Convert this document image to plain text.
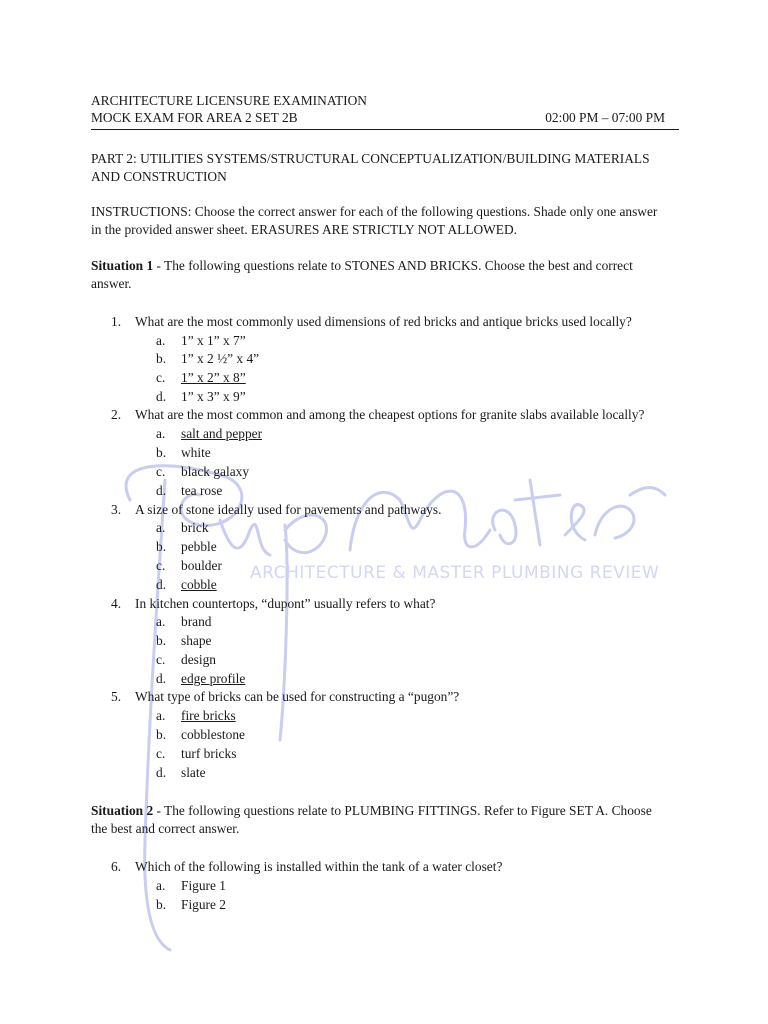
ARCHITECTURE & MASTER PLUMBING REVIEW
ARCHITECTURE LICENSURE EXAMINATION
MOCK EXAM FOR AREA 2 SET 2B	02:00 PM – 07:00 PM
PART 2: UTILITIES SYSTEMS/STRUCTURAL CONCEPTUALIZATION/BUILDING MATERIALS
AND CONSTRUCTION
INSTRUCTIONS: Choose the correct answer for each of the following questions. Shade only one answer
in the provided answer sheet. ERASURES ARE STRICTLY NOT ALLOWED.
Situation 1 - The following questions relate to STONES AND BRICKS. Choose the best and correct
answer.
1.	What are the most commonly used dimensions of red bricks and antique bricks used locally?
a.	1” x 1” x 7”
b.	1” x 2 ½” x 4”
c.	1” x 2” x 8”
d.	1” x 3” x 9”
2.	What are the most common and among the cheapest options for granite slabs available locally?
a.	salt and pepper
b.	white
c.	black galaxy
d.	tea rose
3.	A size of stone ideally used for pavements and pathways.
a.	brick
b.	pebble
c.	boulder
d.	cobble
4.	In kitchen countertops, “dupont” usually refers to what?
a.	brand
b.	shape
c.	design
d.	edge profile
5.	What type of bricks can be used for constructing a “pugon”?
a.	fire bricks
b.	cobblestone
c.	turf bricks
d.	slate
Situation 2 - The following questions relate to PLUMBING FITTINGS. Refer to Figure SET A. Choose
the best and correct answer.
6.	Which of the following is installed within the tank of a water closet?
a.	Figure 1
b.	Figure 2
